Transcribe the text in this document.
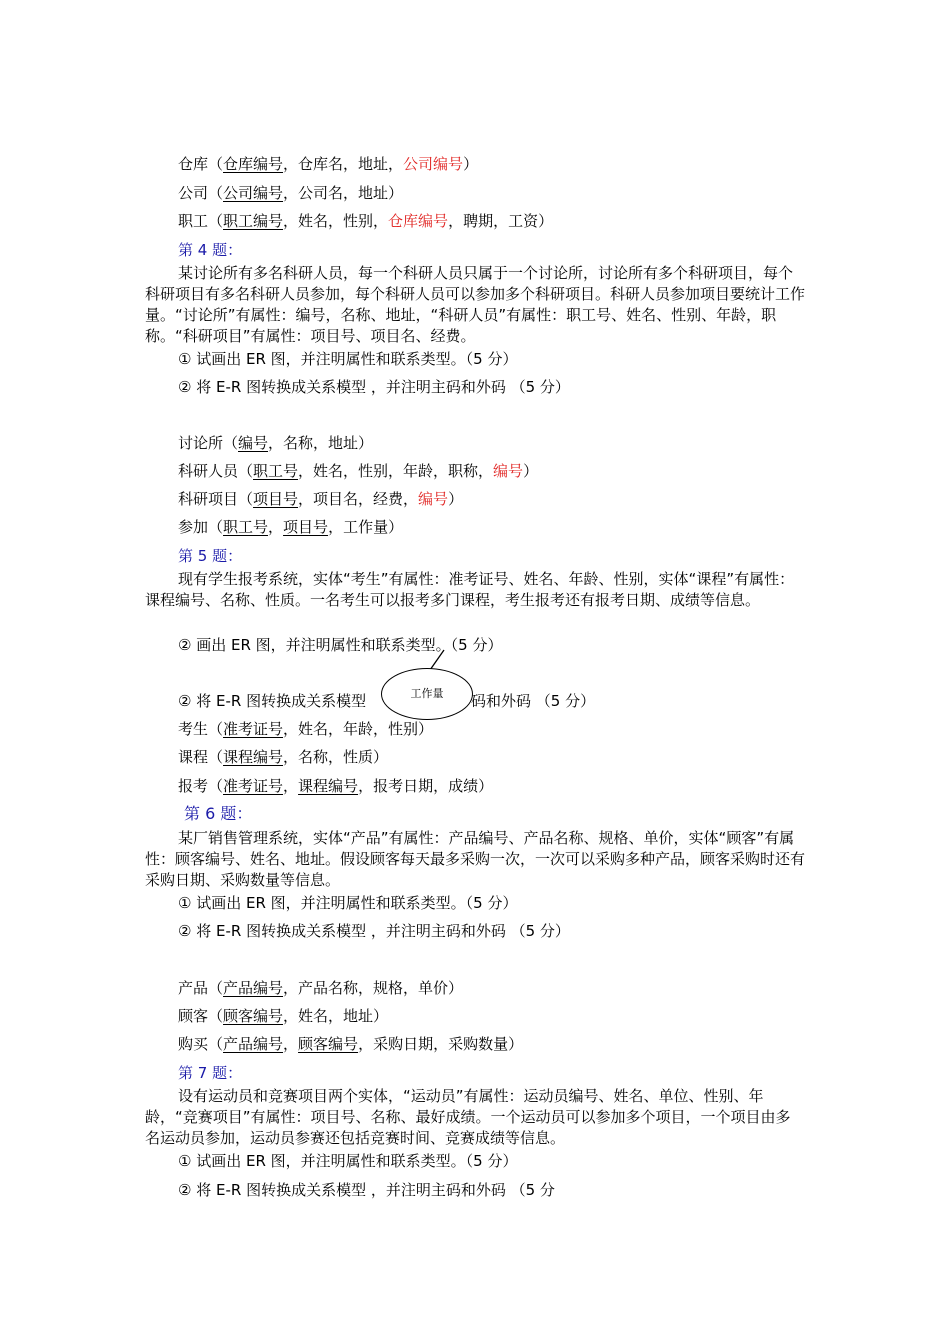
仓库（仓库编号，仓库名，地址，公司编号）
公司（公司编号，公司名，地址）
职工（职工编号，姓名，性别，仓库编号，聘期，工资）
第 4 题：
某讨论所有多名科研人员，每一个科研人员只属于一个讨论所，讨论所有多个科研项目，每个科研项目有多名科研人员参加，每个科研人员可以参加多个科研项目。科研人员参加项目要统计工作量。“讨论所”有属性：编号，名称、地址，“科研人员”有属性：职工号、姓名、性别、年龄，职称。“科研项目”有属性：项目号、项目名、经费。
① 试画出 ER 图，并注明属性和联系类型。（5 分）
② 将 E-R 图转换成关系模型 ，并注明主码和外码 （5 分）
讨论所（编号，名称，地址）
科研人员（职工号，姓名，性别，年龄，职称，编号）
科研项目（项目号，项目名，经费，编号）
参加（职工号，项目号，工作量）
第 5 题：
现有学生报考系统，实体“考生”有属性：准考证号、姓名、年龄、性别，实体“课程”有属性：课程编号、名称、性质。一名考生可以报考多门课程，考生报考还有报考日期、成绩等信息。
② 画出 ER 图，并注明属性和联系类型。（5 分）
② 将 E-R 图转换成关系模型	码和外码 （5 分）
工作量
考生（准考证号，姓名，年龄，性别）
课程（课程编号，名称，性质）
报考（准考证号，课程编号，报考日期，成绩）
第 6 题：
某厂销售管理系统，实体“产品”有属性：产品编号、产品名称、规格、单价，实体“顾客”有属性：顾客编号、姓名、地址。假设顾客每天最多采购一次，一次可以采购多种产品，顾客采购时还有采购日期、采购数量等信息。
① 试画出 ER 图，并注明属性和联系类型。（5 分）
② 将 E-R 图转换成关系模型 ，并注明主码和外码 （5 分）
产品（产品编号，产品名称，规格，单价）
顾客（顾客编号，姓名，地址）
购买（产品编号，顾客编号，采购日期，采购数量）
第 7 题：
设有运动员和竞赛项目两个实体，“运动员”有属性：运动员编号、姓名、单位、性别、年龄，“竞赛项目”有属性：项目号、名称、最好成绩。一个运动员可以参加多个项目，一个项目由多名运动员参加，运动员参赛还包括竞赛时间、竞赛成绩等信息。
① 试画出 ER 图，并注明属性和联系类型。（5 分）
② 将 E-R 图转换成关系模型 ，并注明主码和外码 （5 分
